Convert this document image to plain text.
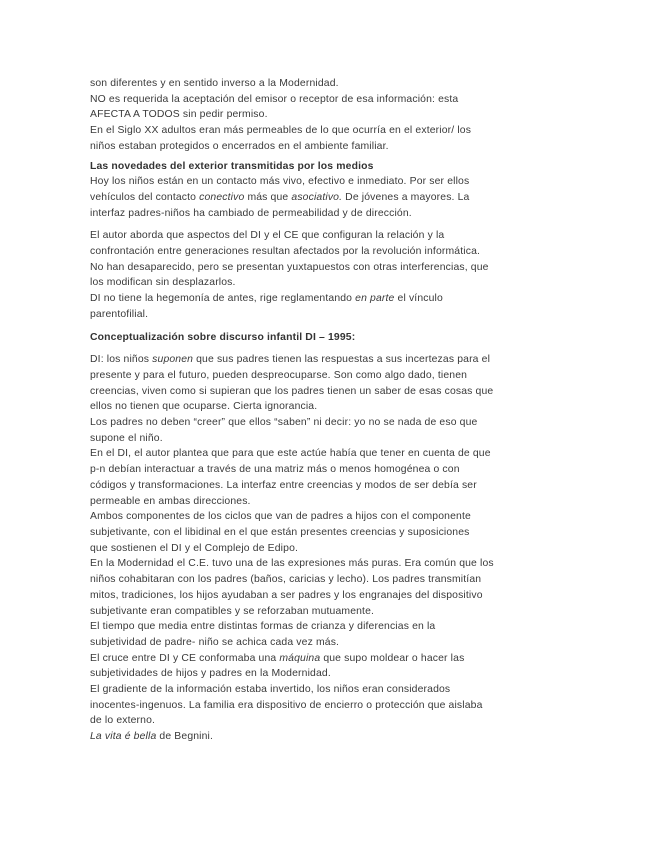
son diferentes y en sentido inverso a la Modernidad.
NO es requerida la aceptación del emisor o receptor de esa información: esta
AFECTA A TODOS sin pedir permiso.
En el Siglo XX adultos eran más permeables de lo que ocurría en el exterior/ los
niños estaban protegidos o encerrados en el ambiente familiar.
Las novedades del exterior transmitidas por los medios
Hoy los niños están en un contacto más vivo, efectivo e inmediato. Por ser ellos
vehículos del contacto conectivo más que asociativo. De jóvenes a mayores. La
interfaz padres-niños ha cambiado de permeabilidad y de dirección.
El autor aborda que aspectos del DI y el CE que configuran la relación y la
confrontación entre generaciones resultan afectados por la revolución informática.
No han desaparecido, pero se presentan yuxtapuestos con otras interferencias, que
los modifican sin desplazarlos.
DI no tiene la hegemonía de antes, rige reglamentando en parte el vínculo
parentofilial.
Conceptualización sobre discurso infantil DI – 1995:
DI: los niños suponen que sus padres tienen las respuestas a sus incertezas para el
presente y para el futuro, pueden despreocuparse. Son como algo dado, tienen
creencias, viven como si supieran que los padres tienen un saber de esas cosas que
ellos no tienen que ocuparse. Cierta ignorancia.
Los padres no deben “creer” que ellos “saben” ni decir: yo no se nada de eso que
supone el niño.
En el DI, el autor plantea que para que este actúe había que tener en cuenta de que
p-n debían interactuar a través de una matriz más o menos homogénea o con
códigos y transformaciones. La interfaz entre creencias y modos de ser debía ser
permeable en ambas direcciones.
Ambos componentes de los ciclos que van de padres a hijos con el componente
subjetivante, con el libidinal en el que están presentes creencias y suposiciones
que sostienen el DI y el Complejo de Edipo.
En la Modernidad el C.E. tuvo una de las expresiones más puras. Era común que los
niños cohabitaran con los padres (baños, caricias y lecho). Los padres transmitían
mitos, tradiciones, los hijos ayudaban a ser padres y los engranajes del dispositivo
subjetivante eran compatibles y se reforzaban mutuamente.
El tiempo que media entre distintas formas de crianza y diferencias en la
subjetividad de padre- niño se achica cada vez más.
El cruce entre DI y CE conformaba una máquina que supo moldear o hacer las
subjetividades de hijos y padres en la Modernidad.
El gradiente de la información estaba invertido, los niños eran considerados
inocentes-ingenuos. La familia era dispositivo de encierro o protección que aislaba
de lo externo.
La vita é bella de Begnini.
